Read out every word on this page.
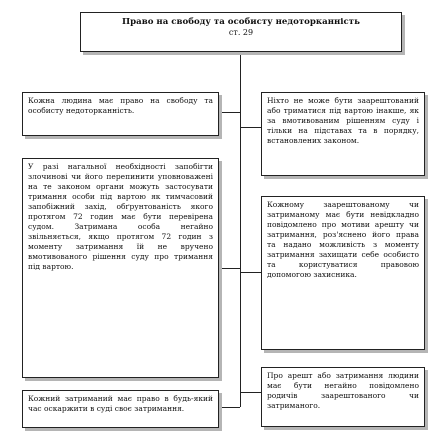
Право на свободу та особисту недоторканність
ст. 29
Кожна людина має право на свободу та особисту недоторканність.
У разі нагальної необхідності запобігти злочинові чи його перепинити уповноважені на те законом органи можуть застосувати тримання особи під вартою як тимчасовий запобіжний захід, обґрунтованість якого протягом 72 годин має бути перевірена судом. Затримана особа негайно звільняється, якщо протягом 72 годин з моменту затримання їй не вручено вмотивованого рішення суду про тримання під вартою.
Кожний затриманий має право в будь-який час оскаржити в суді своє затримання.
Ніхто не може бути заарештований або триматися під вартою інакше, як за вмотивованим рішенням суду і тільки на підставах та в порядку, встановлених законом.
Кожному заарештованому чи затриманому має бути невідкладно повідомлено про мотиви арешту чи затримання, роз'яснено його права та надано можливість з моменту затримання захищати себе особисто та користуватися правовою допомогою захисника.
Про арешт або затримання людини має бути негайно повідомлено родичів заарештованого чи затриманого.
